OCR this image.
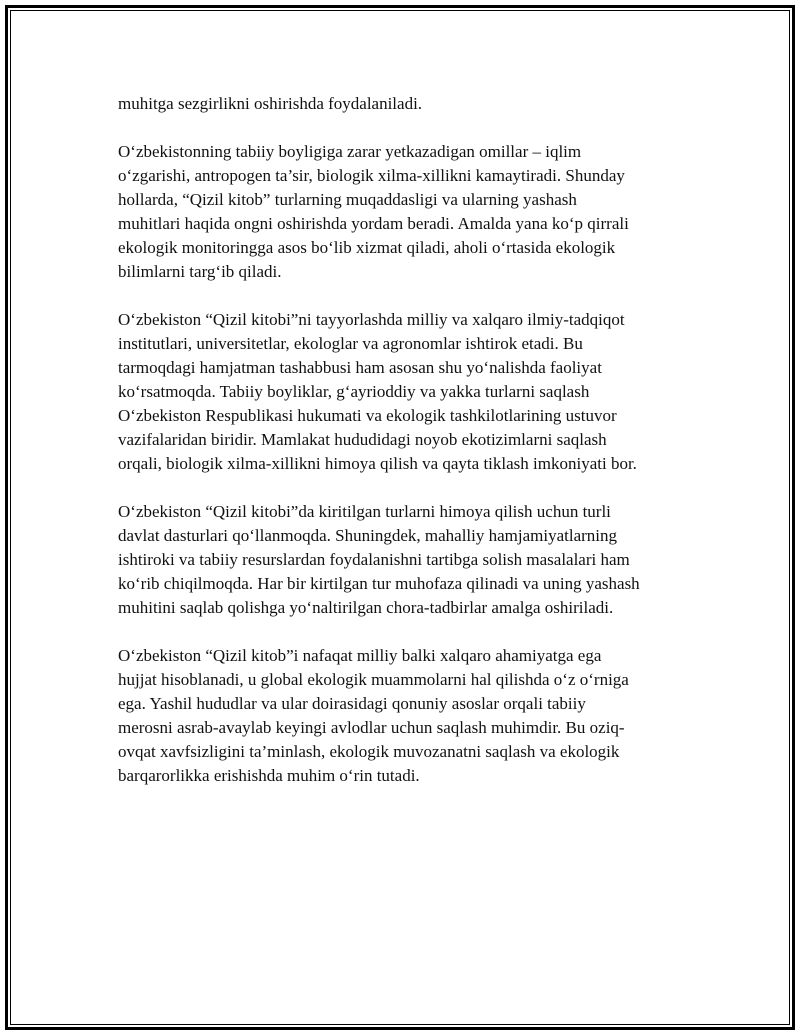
muhitga sezgirlikni oshirishda foydalaniladi.

O‘zbekistonning tabiiy boyligiga zarar yetkazadigan omillar – iqlim
o‘zgarishi, antropogen ta’sir, biologik xilma-xillikni kamaytiradi. Shunday
hollarda, “Qizil kitob” turlarning muqaddasligi va ularning yashash
muhitlari haqida ongni oshirishda yordam beradi. Amalda yana ko‘p qirrali
ekologik monitoringga asos bo‘lib xizmat qiladi, aholi o‘rtasida ekologik
bilimlarni targ‘ib qiladi.

O‘zbekiston “Qizil kitobi”ni tayyorlashda milliy va xalqaro ilmiy-tadqiqot
institutlari, universitetlar, ekologlar va agronomlar ishtirok etadi. Bu
tarmoqdagi hamjatman tashabbusi ham asosan shu yo‘nalishda faoliyat
ko‘rsatmoqda. Tabiiy boyliklar, g‘ayrioddiy va yakka turlarni saqlash
O‘zbekiston Respublikasi hukumati va ekologik tashkilotlarining ustuvor
vazifalaridan biridir. Mamlakat hududidagi noyob ekotizimlarni saqlash
orqali, biologik xilma-xillikni himoya qilish va qayta tiklash imkoniyati bor.

O‘zbekiston “Qizil kitobi”da kiritilgan turlarni himoya qilish uchun turli
davlat dasturlari qo‘llanmoqda. Shuningdek, mahalliy hamjamiyatlarning
ishtiroki va tabiiy resurslardan foydalanishni tartibga solish masalalari ham
ko‘rib chiqilmoqda. Har bir kirtilgan tur muhofaza qilinadi va uning yashash
muhitini saqlab qolishga yo‘naltirilgan chora-tadbirlar amalga oshiriladi.

O‘zbekiston “Qizil kitob”i nafaqat milliy balki xalqaro ahamiyatga ega
hujjat hisoblanadi, u global ekologik muammolarni hal qilishda o‘z o‘rniga
ega. Yashil hududlar va ular doirasidagi qonuniy asoslar orqali tabiiy
merosni asrab-avaylab keyingi avlodlar uchun saqlash muhimdir. Bu oziq-
ovqat xavfsizligini ta’minlash, ekologik muvozanatni saqlash va ekologik
barqarorlikka erishishda muhim o‘rin tutadi.
